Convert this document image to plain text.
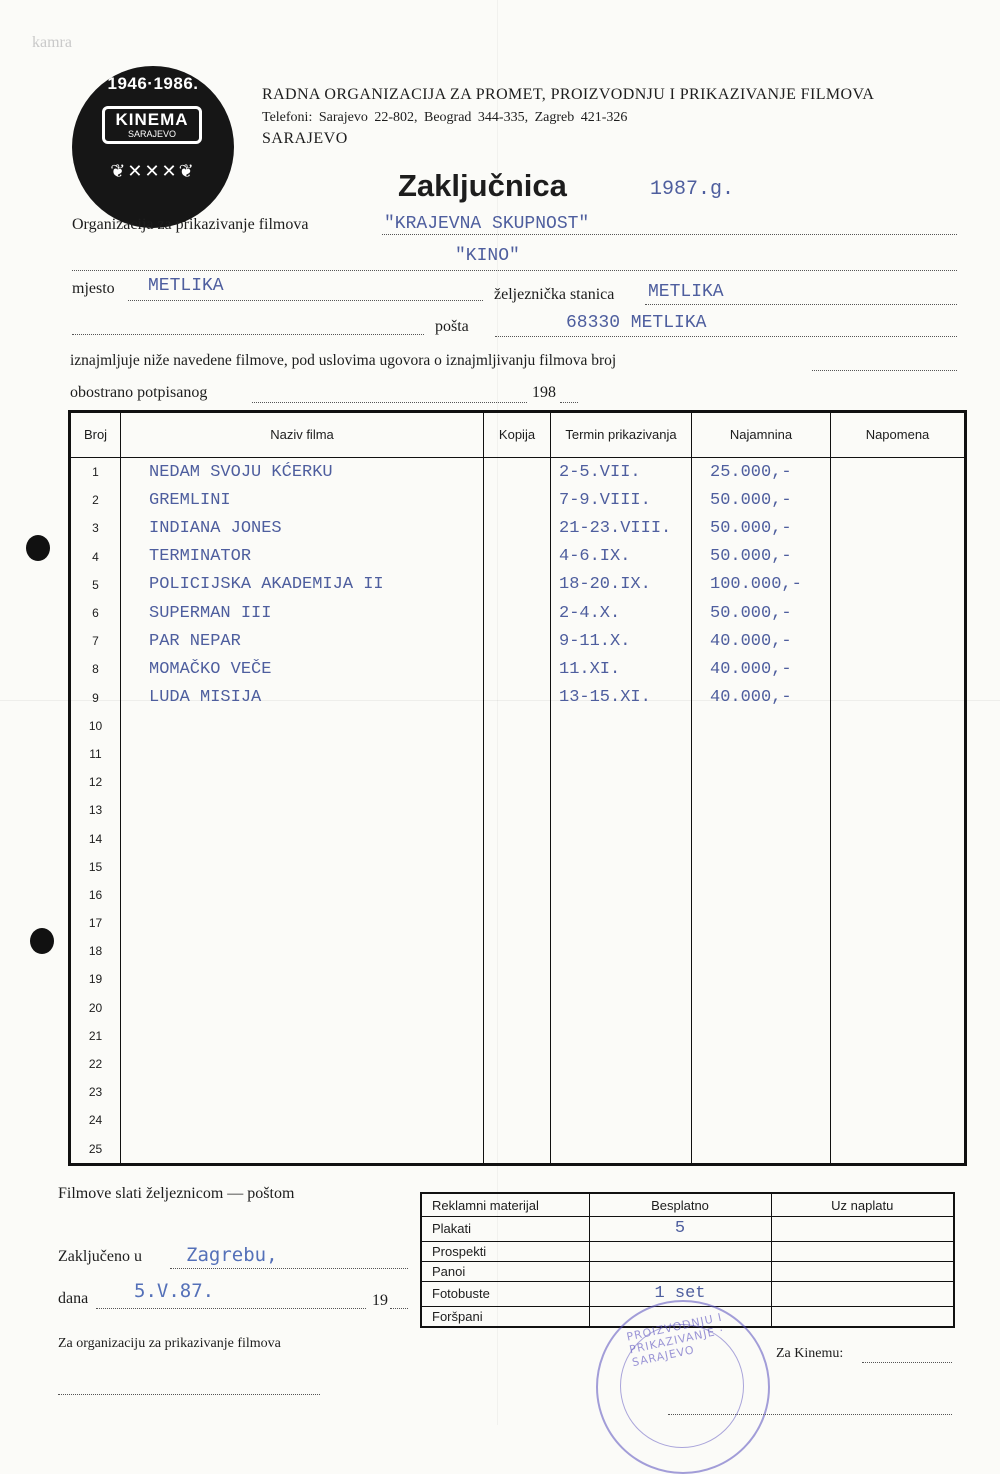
kamra
1946·1986.
KINEMA
SARAJEVO
❦✕✕✕❦
RADNA ORGANIZACIJA ZA PROMET, PROIZVODNJU I PRIKAZIVANJE FILMOVA
Telefoni: Sarajevo 22-802, Beograd 344-335, Zagreb 421-326
SARAJEVO
Zaključnica	1987.g.
Organizacija za prikazivanje filmova	"KRAJEVNA SKUPNOST"
"KINO"
mjesto METLIKA	željeznička stanica METLIKA
pošta	68330 METLIKA
iznajmljuje niže navedene filmove, pod uslovima ugovora o iznajmljivanju filmova broj
obostrano potpisanog	198
Broj	Naziv filma	Kopija	Termin prikazivanja	Najamnina	Napomena
1	NEDAM SVOJU KĆERKU		2-5.VII.	25.000,-	
2	GREMLINI		7-9.VIII.	50.000,-	
3	INDIANA JONES		21-23.VIII.	50.000,-	
4	TERMINATOR		4-6.IX.	50.000,-	
5	POLICIJSKA AKADEMIJA II		18-20.IX.	100.000,-	
6	SUPERMAN III		2-4.X.	50.000,-	
7	PAR NEPAR		9-11.X.	40.000,-	
8	MOMAČKO VEČE		11.XI.	40.000,-	
9	LUDA MISIJA		13-15.XI.	40.000,-	
10					
11					
12					
13					
14					
15					
16					
17					
18					
19					
20					
21					
22					
23					
24					
25					
Filmove slati željeznicom — poštom
Zaključeno u Zagrebu,
dana 5.V.87.	19
Za organizaciju za prikazivanje filmova
Reklamni materijal	Besplatno	Uz naplatu
Plakati	5	
Prospekti		
Panoi		
Fotobuste	1 set	
Foršpani			PROIZVODNJU I PRIKAZIVANJE · SARAJEVO	Za Kinemu:
